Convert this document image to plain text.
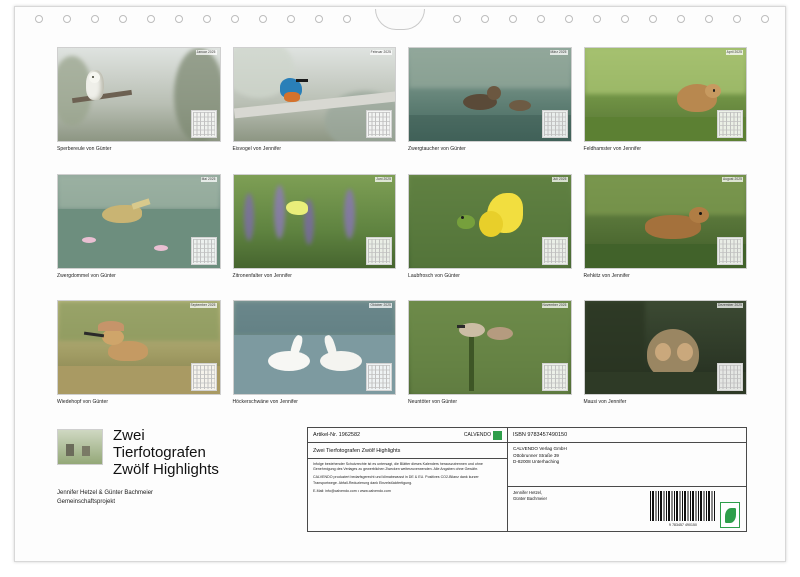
Januar 2025
Sperbereule von Günter
Februar 2025
Eisvogel von Jennifer
März 2025
Zwergtaucher von Günter
April 2025
Feldhamster von Jennifer
Mai 2025
Zwergdommel von Günter
Juni 2025
Zitronenfalter von Jennifer
Juli 2025
Laubfrosch von Günter
August 2025
Rehkitz von Jennifer
September 2025
Wiedehopf von Günter
Oktober 2025
Höckerschwäne von Jennifer
November 2025
Neuntöter von Günter
Dezember 2025
Mausi von Jennifer
Zwei
Tierfotografen
Zwölf Highlights
Jennifer Hetzel & Günter Bachmeier
Gemeinschaftsprojekt
Artikel-Nr. 1962582	CALVENDO
Zwei Tierfotografen Zwölf Highlights

Infolge bestehender Schutzrechte ist es untersagt, die Blätter dieses Kalenders herauszutrennen und ohne Genehmigung des Verlages zu gewerblichen Zwecken weiterzuverwenden. Alle Angaben ohne Gewähr.

CALVENDO produziert bedarfsgerecht und klimabewusst in DE & EU. Positives CO2-Bilanz dank kurzer Transportwege. Abfall-Reduzierung dank Einzelstückfertigung.

E-Mail: info@calvendo.com • www.calvendo.com

ISBN 9783457490150
CALVENDO Verlag GmbH
Ottobrunner Straße 39
D-82008 Unterhaching
Jennifer Hetzel,
Günter Bachmeier
9 783457 490150
